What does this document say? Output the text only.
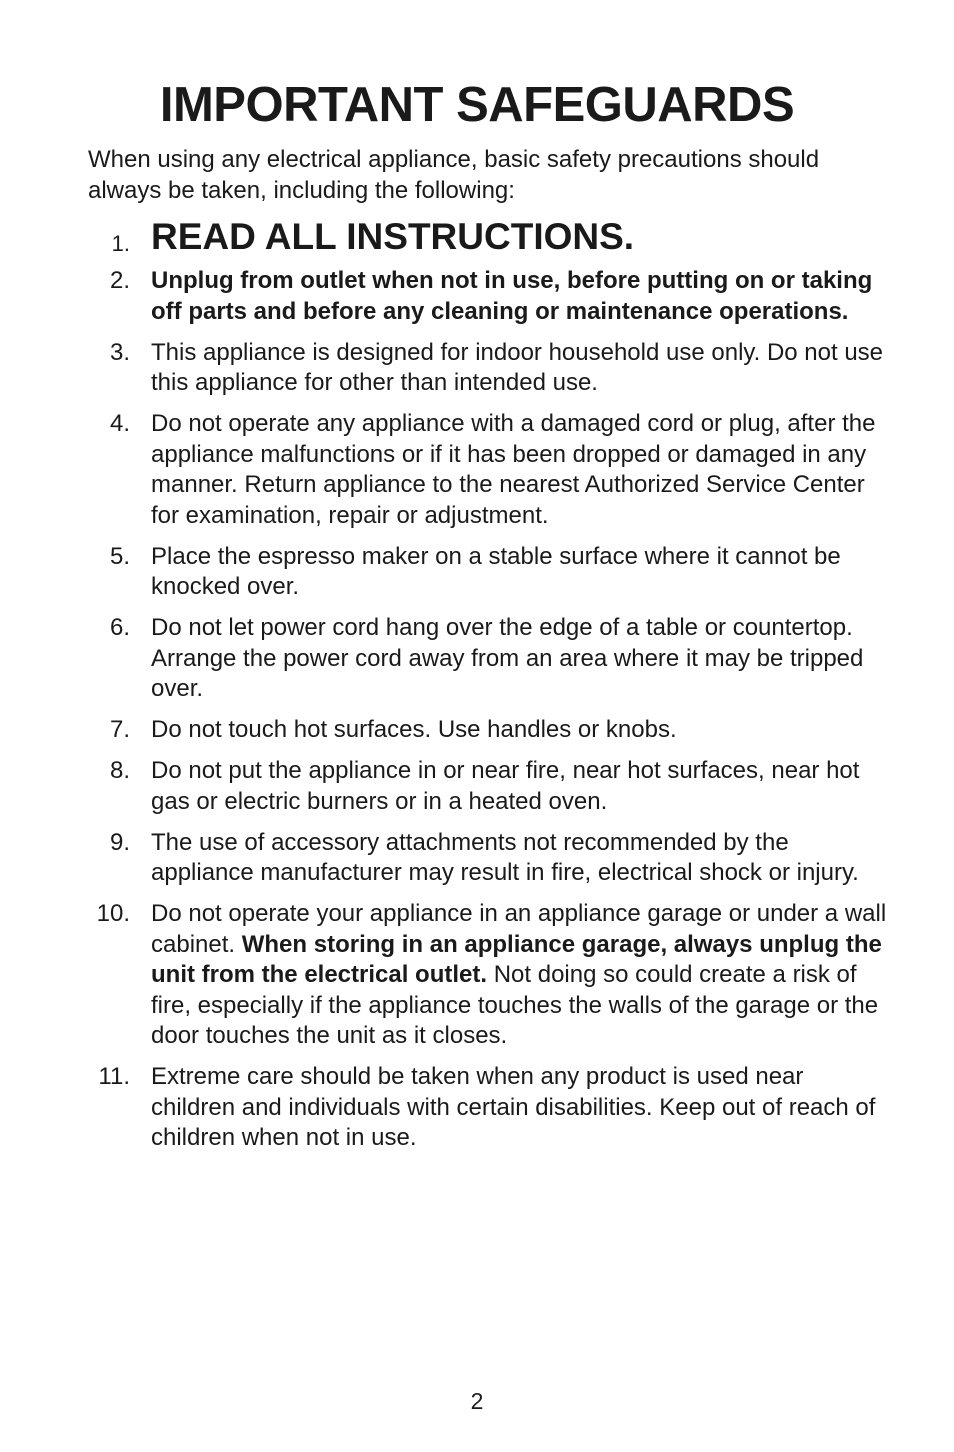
IMPORTANT SAFEGUARDS

When using any electrical appliance, basic safety precautions should always be taken, including the following:

1. READ ALL INSTRUCTIONS.
2. Unplug from outlet when not in use, before putting on or taking off parts and before any cleaning or maintenance operations.
3. This appliance is designed for indoor household use only. Do not use this appliance for other than intended use.
4. Do not operate any appliance with a damaged cord or plug, after the appliance malfunctions or if it has been dropped or damaged in any manner. Return appliance to the nearest Authorized Service Center for examination, repair or adjustment.
5. Place the espresso maker on a stable surface where it cannot be knocked over.
6. Do not let power cord hang over the edge of a table or countertop. Arrange the power cord away from an area where it may be tripped over.
7. Do not touch hot surfaces. Use handles or knobs.
8. Do not put the appliance in or near fire, near hot surfaces, near hot gas or electric burners or in a heated oven.
9. The use of accessory attachments not recommended by the appliance manufacturer may result in fire, electrical shock or injury.
10. Do not operate your appliance in an appliance garage or under a wall cabinet. When storing in an appliance garage, always unplug the unit from the electrical outlet. Not doing so could create a risk of fire, especially if the appliance touches the walls of the garage or the door touches the unit as it closes.
11. Extreme care should be taken when any product is used near children and individuals with certain disabilities. Keep out of reach of children when not in use.
2
